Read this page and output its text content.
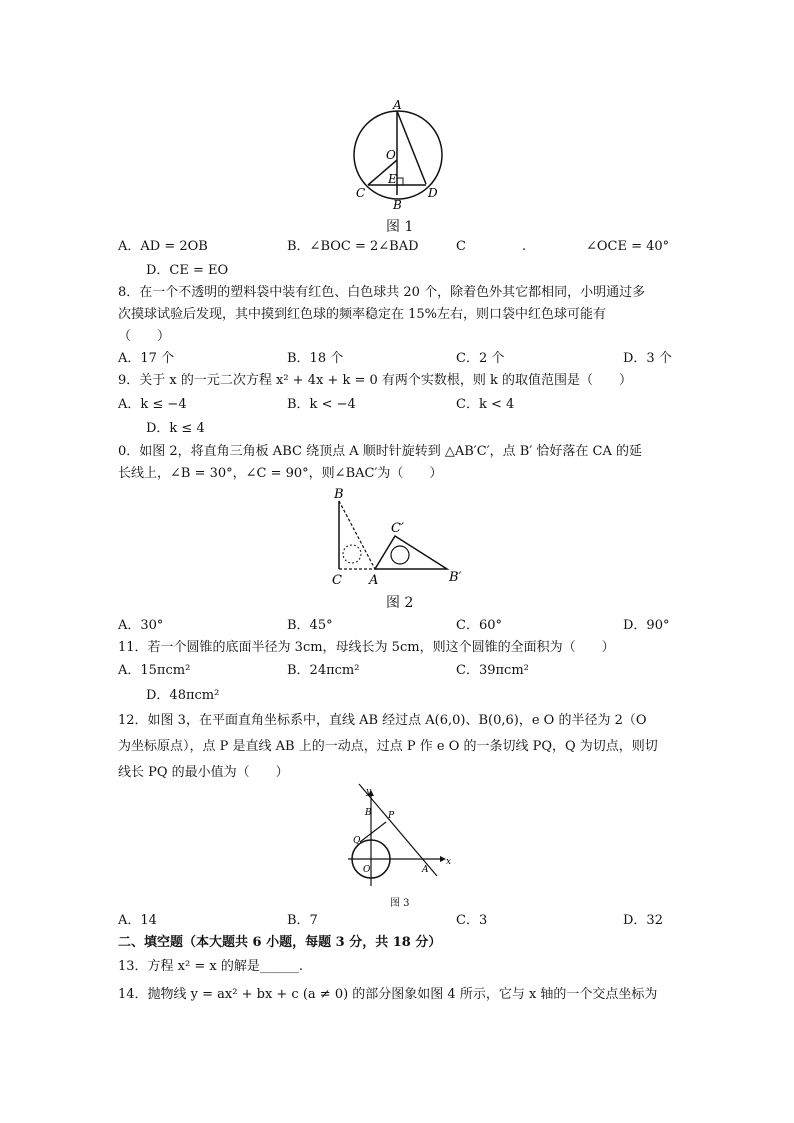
A
O
E
C
B
D
图 1
A．AD = 2OB	B．∠BOC = 2∠BAD	C	.	∠OCE = 40°
D．CE = EO
8．在一个不透明的塑料袋中装有红色、白色球共 20 个，除着色外其它都相同，小明通过多
次摸球试验后发现，其中摸到红色球的频率稳定在 15%左右，则口袋中红色球可能有
（　　）
A．17 个	B．18 个	C．2 个	D．3 个
9．关于 x 的一元二次方程 x² + 4x + k = 0 有两个实数根，则 k 的取值范围是（　　）
A．k ≤ −4	B．k < −4	C．k < 4
D．k ≤ 4
0．如图 2，将直角三角板 ABC 绕顶点 A 顺时针旋转到 △AB′C′，点 B′ 恰好落在 CA 的延
长线上，∠B = 30°，∠C = 90°，则∠BAC′为（　　）
B
C A
C′
B′
图 2
A．30°	B．45°	C．60°	D．90°
11．若一个圆锥的底面半径为 3cm，母线长为 5cm，则这个圆锥的全面积为（　　）
A．15πcm²	B．24πcm²	C．39πcm²
D．48πcm²
12．如图 3，在平面直角坐标系中，直线 AB 经过点 A(6,0)、B(0,6)，e O 的半径为 2（O
为坐标原点），点 P 是直线 AB 上的一动点，过点 P 作 e O 的一条切线 PQ，Q 为切点，则切
线长 PQ 的最小值为（　　）
y
B P
Q
O	A
x
图 3
A．14	B．7	C．3	D．32
二、填空题（本大题共 6 小题，每题 3 分，共 18 分）
13．方程 x² = x 的解是______.
14．抛物线 y = ax² + bx + c (a ≠ 0) 的部分图象如图 4 所示，它与 x 轴的一个交点坐标为
